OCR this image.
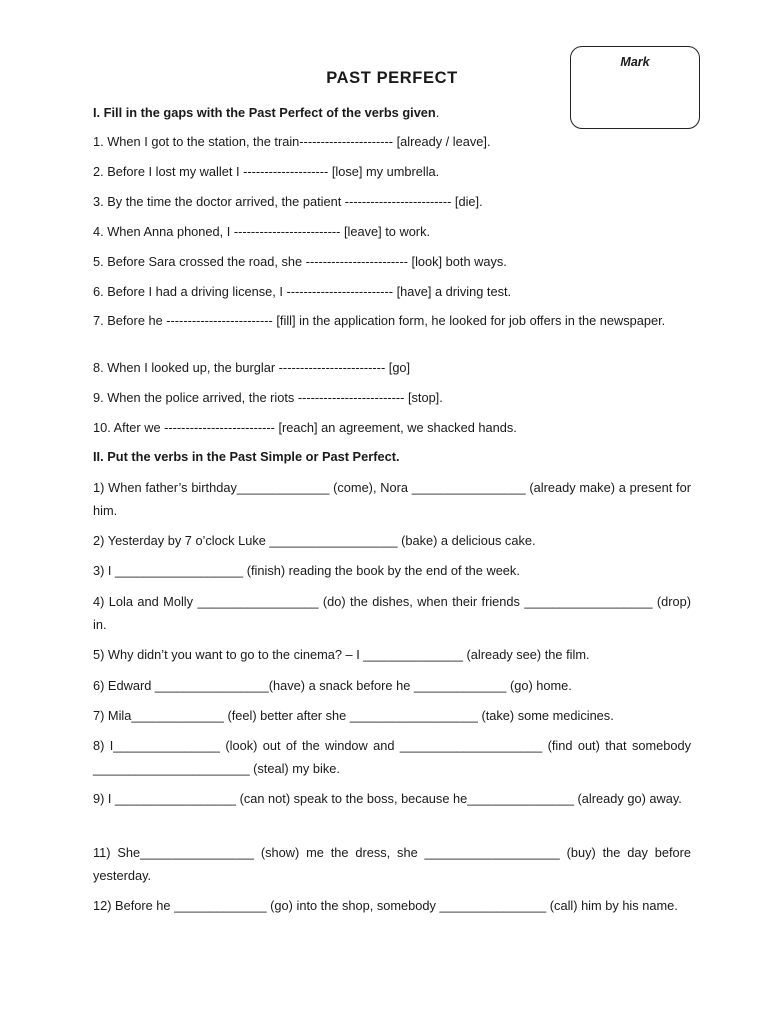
Mark
PAST PERFECT
I. Fill in the gaps with the Past Perfect of the verbs given.
1. When I got to the station, the train---------------------- [already / leave].
2. Before I lost my wallet I -------------------- [lose] my umbrella.
3. By the time the doctor arrived, the patient ------------------------- [die].
4. When Anna phoned, I ------------------------- [leave] to work.
5. Before Sara crossed the road, she ------------------------ [look] both ways.
6. Before I had a driving license, I ------------------------- [have] a driving test.
7. Before he ------------------------- [fill] in the application form, he looked for job offers in the newspaper.
8. When I looked up, the burglar ------------------------- [go]
9. When the police arrived, the riots ------------------------- [stop].
10. After we -------------------------- [reach] an agreement, we shacked hands.
II. Put the verbs in the Past Simple or Past Perfect.
1) When father’s birthday_____________ (come), Nora ________________ (already make) a present for him.
2) Yesterday by 7 o’clock Luke __________________ (bake) a delicious cake.
3) I __________________ (finish) reading the book by the end of the week.
4) Lola and Molly _________________ (do) the dishes, when their friends __________________ (drop) in.
5) Why didn’t you want to go to the cinema? – I ______________ (already see) the film.
6) Edward ________________(have) a snack before he _____________ (go) home.
7) Mila_____________ (feel) better after she __________________ (take) some medicines.
8) I_______________ (look) out of the window and ____________________ (find out) that somebody ______________________ (steal) my bike.
9) I _________________ (can not) speak to the boss, because he_______________ (already go) away.
11) She________________ (show) me the dress, she ___________________ (buy) the day before yesterday.
12) Before he _____________ (go) into the shop, somebody _______________ (call) him by his name.
